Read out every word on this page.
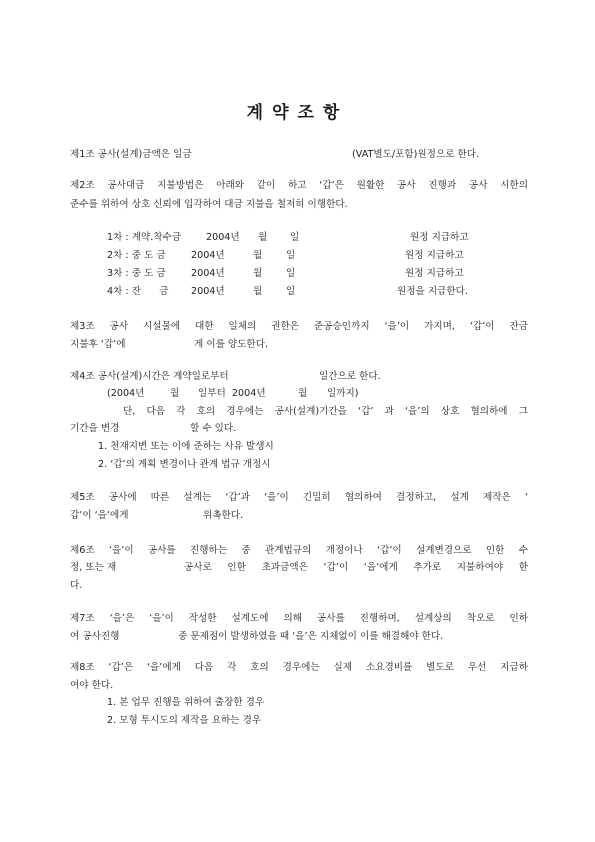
계약조항
제1조 공사(설계)금액은 일금	(VAT별도/포함)원정으로 한다.
제2조 공사대금 지불방법은 아래와 같이 하고 ‘갑’은 원활한 공사 진행과 공사 시한의
준수를 위하여 상호 신뢰에 입각하여 대금 지불을 철저히 이행한다.
1차 : 계약.착수금	2004년 월 일	원정 지급하고
2차 : 중 도 금	2004년	월 일	원정 지급하고
3차 : 중 도 금	2004년	월 일	원정 지급하고
4차 : 잔      금 2004년	월 일	원정을 지급한다.
제3조 공사 시설물에 대한 일체의 권한은 준공승인까지 ‘을’이 가지며, ‘갑’이 잔금
지불후 ‘갑’에	게 이를 양도한다.
제4조 공사(설계)시간은 계약일로부터	일간으로 한다.
(2004년	월 일부터  2004년	월 일까지)
단, 다음 각 호의 경우에는 공사(설계)기간을 ‘갑’ 과 ‘을’의 상호 협의하에 그
기간을 변경	할 수 있다.
1. 천재지변 또는 이에 준하는 사유 발생시
2. ‘갑’의 계획 변경이나 관계 법규 개정시
제5조 공사에 따른 설계는 ‘갑’과 ‘을’이 긴밀히 협의하여 결정하고, 설계 제작은 ‘
갑’이 ‘을’에게	위촉한다.
제6조 ‘을’이 공사를 진행하는 중 관계법규의 개정이나 ‘갑’이 설계변경으로 인한 수
정, 또는 재	공사로 인한 초과금액은 ‘갑’이 ‘을’에게 추가로 지불하여야 한
다.
제7조 ‘을’은 ‘을’이 작성한 설계도에 의해 공사를 진행하며, 설계상의 착오로 인하
여 공사진행	중 문제점이 발생하였을 때 ‘을’은 지체없이 이를 해결해야 한다.
제8조 ‘갑’은 ‘을’에게 다음 각 호의 경우에는 실제 소요경비를 별도로 우선 지급하
여야 한다.
1. 본 업무 진행을 위하여 출장한 경우
2. 모형 투시도의 제작을 요하는 경우
